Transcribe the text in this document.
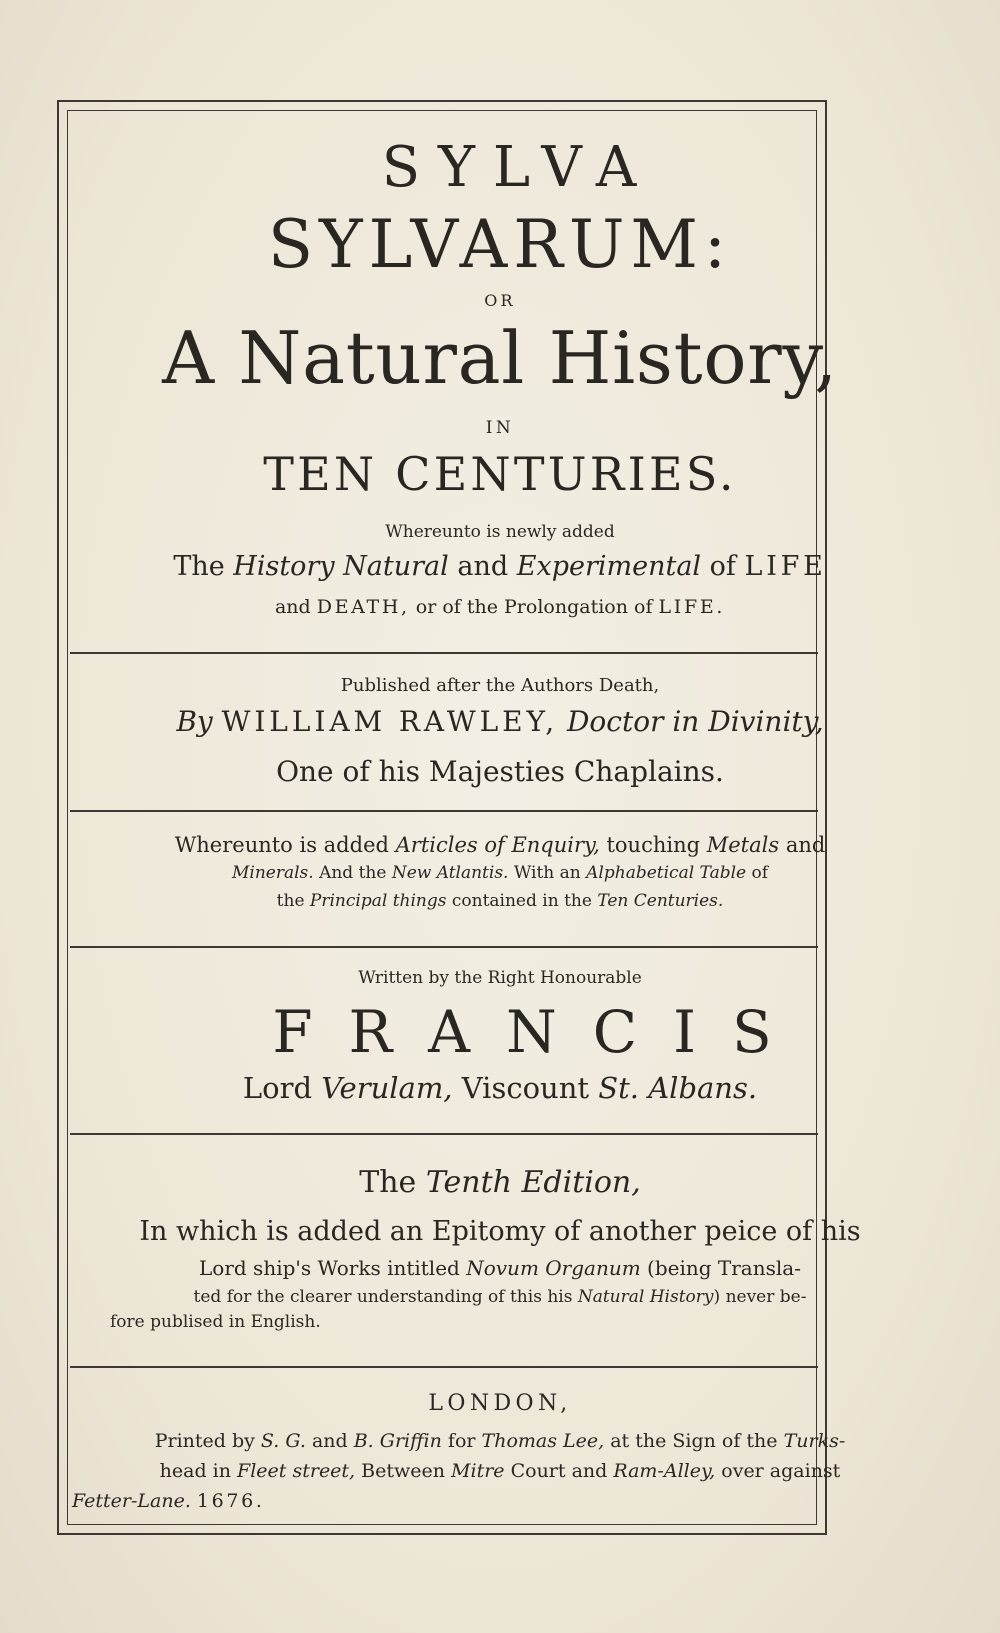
SYLVA
SYLVARUM:
OR
A Natural History,
IN
TEN CENTURIES.
Whereunto is newly added
The History Natural and Experimental of LIFE
and DEATH, or of the Prolongation of LIFE.
Published after the Authors Death,
By WILLIAM RAWLEY, Doctor in Divinity,
One of his Majesties Chaplains.
Whereunto is added Articles of Enquiry, touching Metals and
Minerals. And the New Atlantis. With an Alphabetical Table of
the Principal things contained in the Ten Centuries.
Written by the Right Honourable
FRANCIS
Lord Verulam, Viscount St. Albans.
The Tenth Edition,
In which is added an Epitomy of another peice of his
Lord ship's Works intitled Novum Organum (being Transla-
ted for the clearer understanding of this his Natural History) never be-
fore publised in English.
LONDON,
Printed by S. G. and B. Griffin for Thomas Lee, at the Sign of the Turks-
head in Fleet street, Between Mitre Court and Ram-Alley, over against
Fetter-Lane. 1676.
